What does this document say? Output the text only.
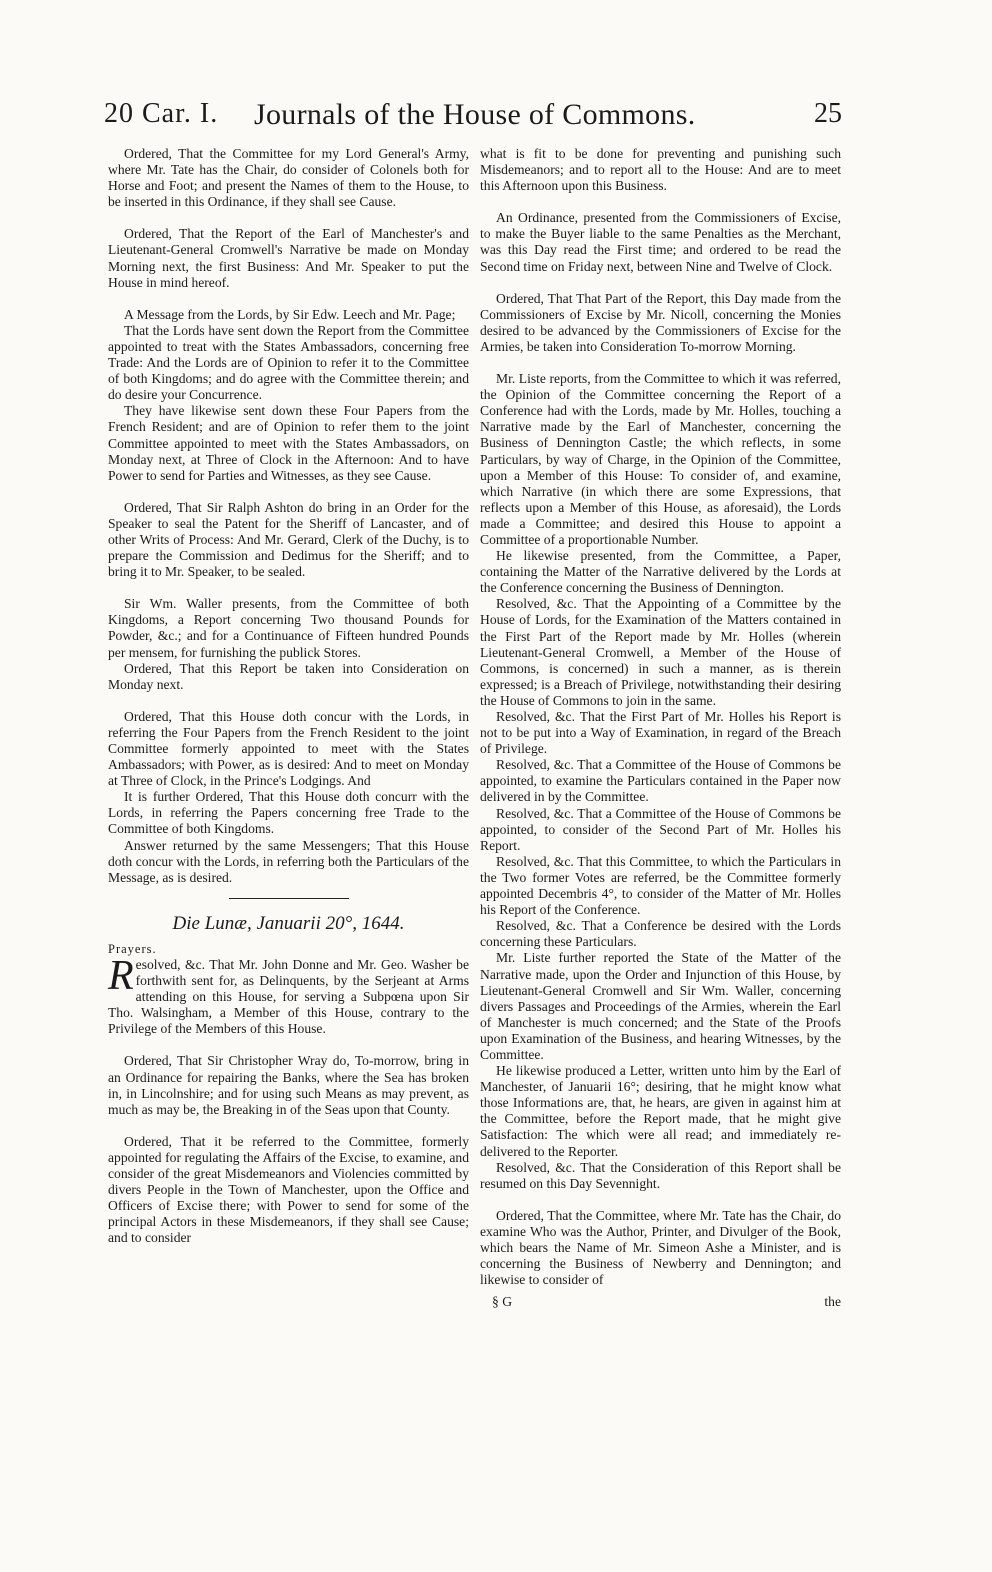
20 Car. I. Journals of the House of Commons.	25

Ordered, That the Committee for my Lord General's Army, where Mr. Tate has the Chair, do consider of Colonels both for Horse and Foot; and present the Names of them to the House, to be inserted in this Ordinance, if they shall see Cause.

Ordered, That the Report of the Earl of Manchester's and Lieutenant-General Cromwell's Narrative be made on Monday Morning next, the first Business: And Mr. Speaker to put the House in mind hereof.

A Message from the Lords, by Sir Edw. Leech and Mr. Page;

That the Lords have sent down the Report from the Committee appointed to treat with the States Ambassadors, concerning free Trade: And the Lords are of Opinion to refer it to the Committee of both Kingdoms; and do agree with the Committee therein; and do desire your Concurrence.

They have likewise sent down these Four Papers from the French Resident; and are of Opinion to refer them to the joint Committee appointed to meet with the States Ambassadors, on Monday next, at Three of Clock in the Afternoon: And to have Power to send for Parties and Witnesses, as they see Cause.

Ordered, That Sir Ralph Ashton do bring in an Order for the Speaker to seal the Patent for the Sheriff of Lancaster, and of other Writs of Process: And Mr. Gerard, Clerk of the Duchy, is to prepare the Commission and Dedimus for the Sheriff; and to bring it to Mr. Speaker, to be sealed.

Sir Wm. Waller presents, from the Committee of both Kingdoms, a Report concerning Two thousand Pounds for Powder, &c.; and for a Continuance of Fifteen hundred Pounds per mensem, for furnishing the publick Stores.

Ordered, That this Report be taken into Consideration on Monday next.

Ordered, That this House doth concur with the Lords, in referring the Four Papers from the French Resident to the joint Committee formerly appointed to meet with the States Ambassadors; with Power, as is desired: And to meet on Monday at Three of Clock, in the Prince's Lodgings. And

It is further Ordered, That this House doth concurr with the Lords, in referring the Papers concerning free Trade to the Committee of both Kingdoms.

Answer returned by the same Messengers; That this House doth concur with the Lords, in referring both the Particulars of the Message, as is desired.

Die Lunæ, Januarii 20°, 1644.

Prayers.

Resolved, &c. That Mr. John Donne and Mr. Geo. Washer be forthwith sent for, as Delinquents, by the Serjeant at Arms attending on this House, for serving a Subpœna upon Sir Tho. Walsingham, a Member of this House, contrary to the Privilege of the Members of this House.

Ordered, That Sir Christopher Wray do, To-morrow, bring in an Ordinance for repairing the Banks, where the Sea has broken in, in Lincolnshire; and for using such Means as may prevent, as much as may be, the Breaking in of the Seas upon that County.

Ordered, That it be referred to the Committee, formerly appointed for regulating the Affairs of the Excise, to examine, and consider of the great Misdemeanors and Violencies committed by divers People in the Town of Manchester, upon the Office and Officers of Excise there; with Power to send for some of the principal Actors in these Misdemeanors, if they shall see Cause; and to consider

what is fit to be done for preventing and punishing such Misdemeanors; and to report all to the House: And are to meet this Afternoon upon this Business.

An Ordinance, presented from the Commissioners of Excise, to make the Buyer liable to the same Penalties as the Merchant, was this Day read the First time; and ordered to be read the Second time on Friday next, between Nine and Twelve of Clock.

Ordered, That That Part of the Report, this Day made from the Commissioners of Excise by Mr. Nicoll, concerning the Monies desired to be advanced by the Commissioners of Excise for the Armies, be taken into Consideration To-morrow Morning.

Mr. Liste reports, from the Committee to which it was referred, the Opinion of the Committee concerning the Report of a Conference had with the Lords, made by Mr. Holles, touching a Narrative made by the Earl of Manchester, concerning the Business of Dennington Castle; the which reflects, in some Particulars, by way of Charge, in the Opinion of the Committee, upon a Member of this House: To consider of, and examine, which Narrative (in which there are some Expressions, that reflects upon a Member of this House, as aforesaid), the Lords made a Committee; and desired this House to appoint a Committee of a proportionable Number.

He likewise presented, from the Committee, a Paper, containing the Matter of the Narrative delivered by the Lords at the Conference concerning the Business of Dennington.

Resolved, &c. That the Appointing of a Committee by the House of Lords, for the Examination of the Matters contained in the First Part of the Report made by Mr. Holles (wherein Lieutenant-General Cromwell, a Member of the House of Commons, is concerned) in such a manner, as is therein expressed; is a Breach of Privilege, notwithstanding their desiring the House of Commons to join in the same.

Resolved, &c. That the First Part of Mr. Holles his Report is not to be put into a Way of Examination, in regard of the Breach of Privilege.

Resolved, &c. That a Committee of the House of Commons be appointed, to examine the Particulars contained in the Paper now delivered in by the Committee.

Resolved, &c. That a Committee of the House of Commons be appointed, to consider of the Second Part of Mr. Holles his Report.

Resolved, &c. That this Committee, to which the Particulars in the Two former Votes are referred, be the Committee formerly appointed Decembris 4°, to consider of the Matter of Mr. Holles his Report of the Conference.

Resolved, &c. That a Conference be desired with the Lords concerning these Particulars.

Mr. Liste further reported the State of the Matter of the Narrative made, upon the Order and Injunction of this House, by Lieutenant-General Cromwell and Sir Wm. Waller, concerning divers Passages and Proceedings of the Armies, wherein the Earl of Manchester is much concerned; and the State of the Proofs upon Examination of the Business, and hearing Witnesses, by the Committee.

He likewise produced a Letter, written unto him by the Earl of Manchester, of Januarii 16°; desiring, that he might know what those Informations are, that, he hears, are given in against him at the Committee, before the Report made, that he might give Satisfaction: The which were all read; and immediately re-delivered to the Reporter.

Resolved, &c. That the Consideration of this Report shall be resumed on this Day Sevennight.

Ordered, That the Committee, where Mr. Tate has the Chair, do examine Who was the Author, Printer, and Divulger of the Book, which bears the Name of Mr. Simeon Ashe a Minister, and is concerning the Business of Newberry and Dennington; and likewise to consider of

§ G	the
